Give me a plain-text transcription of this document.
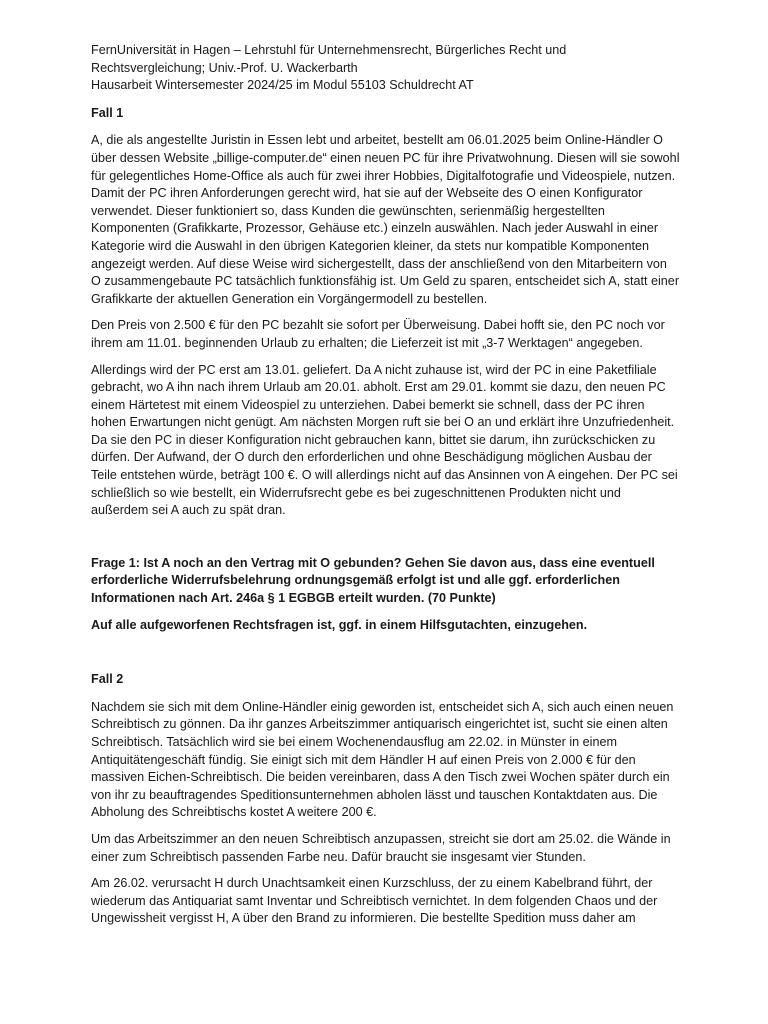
FernUniversität in Hagen – Lehrstuhl für Unternehmensrecht, Bürgerliches Recht und Rechtsvergleichung; Univ.-Prof. U. Wackerbarth

Hausarbeit Wintersemester 2024/25 im Modul 55103 Schuldrecht AT

Fall 1

A, die als angestellte Juristin in Essen lebt und arbeitet, bestellt am 06.01.2025 beim Online-Händler O über dessen Website „billige-computer.de“ einen neuen PC für ihre Privatwohnung. Diesen will sie sowohl für gelegentliches Home-Office als auch für zwei ihrer Hobbies, Digitalfotografie und Videospiele, nutzen. Damit der PC ihren Anforderungen gerecht wird, hat sie auf der Webseite des O einen Konfigurator verwendet. Dieser funktioniert so, dass Kunden die gewünschten, serienmäßig hergestellten Komponenten (Grafikkarte, Prozessor, Gehäuse etc.) einzeln auswählen. Nach jeder Auswahl in einer Kategorie wird die Auswahl in den übrigen Kategorien kleiner, da stets nur kompatible Komponenten angezeigt werden. Auf diese Weise wird sichergestellt, dass der anschließend von den Mitarbeitern von O zusammengebaute PC tatsächlich funktionsfähig ist. Um Geld zu sparen, entscheidet sich A, statt einer Grafikkarte der aktuellen Generation ein Vorgängermodell zu bestellen.

Den Preis von 2.500 € für den PC bezahlt sie sofort per Überweisung. Dabei hofft sie, den PC noch vor ihrem am 11.01. beginnenden Urlaub zu erhalten; die Lieferzeit ist mit „3-7 Werktagen“ angegeben.

Allerdings wird der PC erst am 13.01. geliefert. Da A nicht zuhause ist, wird der PC in eine Paketfiliale gebracht, wo A ihn nach ihrem Urlaub am 20.01. abholt. Erst am 29.01. kommt sie dazu, den neuen PC einem Härtetest mit einem Videospiel zu unterziehen. Dabei bemerkt sie schnell, dass der PC ihren hohen Erwartungen nicht genügt. Am nächsten Morgen ruft sie bei O an und erklärt ihre Unzufriedenheit. Da sie den PC in dieser Konfiguration nicht gebrauchen kann, bittet sie darum, ihn zurückschicken zu dürfen. Der Aufwand, der O durch den erforderlichen und ohne Beschädigung möglichen Ausbau der Teile entstehen würde, beträgt 100 €. O will allerdings nicht auf das Ansinnen von A eingehen. Der PC sei schließlich so wie bestellt, ein Widerrufsrecht gebe es bei zugeschnittenen Produkten nicht und außerdem sei A auch zu spät dran.

Frage 1: Ist A noch an den Vertrag mit O gebunden? Gehen Sie davon aus, dass eine eventuell erforderliche Widerrufsbelehrung ordnungsgemäß erfolgt ist und alle ggf. erforderlichen Informationen nach Art. 246a § 1 EGBGB erteilt wurden. (70 Punkte)

Auf alle aufgeworfenen Rechtsfragen ist, ggf. in einem Hilfsgutachten, einzugehen.

Fall 2

Nachdem sie sich mit dem Online-Händler einig geworden ist, entscheidet sich A, sich auch einen neuen Schreibtisch zu gönnen. Da ihr ganzes Arbeitszimmer antiquarisch eingerichtet ist, sucht sie einen alten Schreibtisch. Tatsächlich wird sie bei einem Wochenendausflug am 22.02. in Münster in einem Antiquitätengeschäft fündig. Sie einigt sich mit dem Händler H auf einen Preis von 2.000 € für den massiven Eichen-Schreibtisch. Die beiden vereinbaren, dass A den Tisch zwei Wochen später durch ein von ihr zu beauftragendes Speditionsunternehmen abholen lässt und tauschen Kontaktdaten aus. Die Abholung des Schreibtischs kostet A weitere 200 €.

Um das Arbeitszimmer an den neuen Schreibtisch anzupassen, streicht sie dort am 25.02. die Wände in einer zum Schreibtisch passenden Farbe neu. Dafür braucht sie insgesamt vier Stunden.

Am 26.02. verursacht H durch Unachtsamkeit einen Kurzschluss, der zu einem Kabelbrand führt, der wiederum das Antiquariat samt Inventar und Schreibtisch vernichtet. In dem folgenden Chaos und der Ungewissheit vergisst H, A über den Brand zu informieren. Die bestellte Spedition muss daher am
